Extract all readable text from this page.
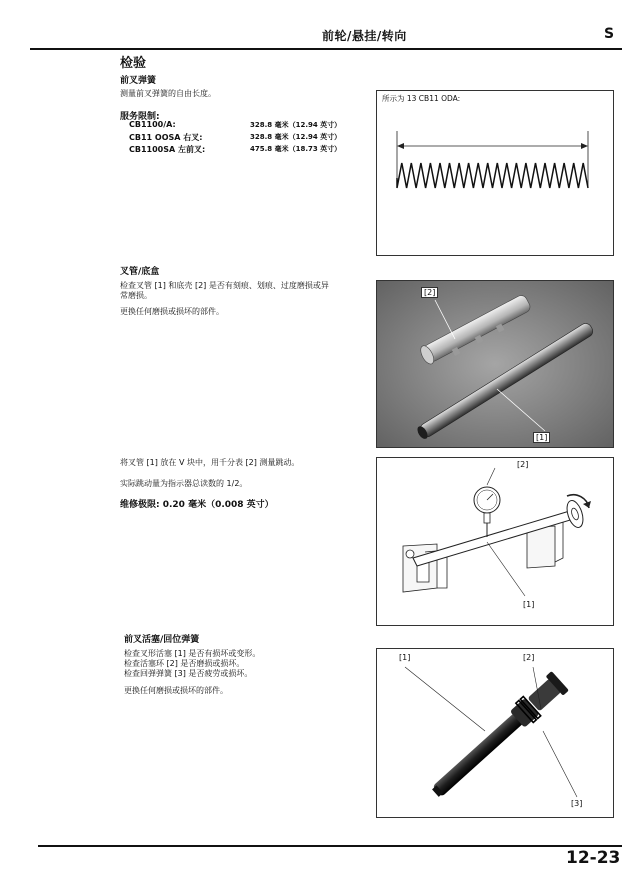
前轮/悬挂/转向	S
检验
前叉弹簧
测量前叉弹簧的自由长度。
服务限制:
CB1100/A:	328.8 毫米（12.94 英寸）
CB11 OOSA 右叉:	328.8 毫米（12.94 英寸）
CB1100SA 左前叉:	475.8 毫米（18.73 英寸）
所示为 13 CB11 ODA:
叉管/底盒
检查叉管 [1] 和底壳 [2] 是否有刻痕、划痕、过度磨损或异
常磨损。
更换任何磨损或损坏的部件。
[2]
[1]
将叉管 [1] 放在 V 块中，用千分表 [2] 测量跳动。
实际跳动量为指示器总读数的 1/2。
维修极限: 0.20 毫米（0.008 英寸）
[2]
[1]
前叉活塞/回位弹簧
检查叉形活塞 [1] 是否有损坏或变形。
检查活塞环 [2] 是否磨损或损坏。
检查回弹弹簧 [3] 是否疲劳或损坏。
更换任何磨损或损坏的部件。
[1]	[2]
[3]
12-23
